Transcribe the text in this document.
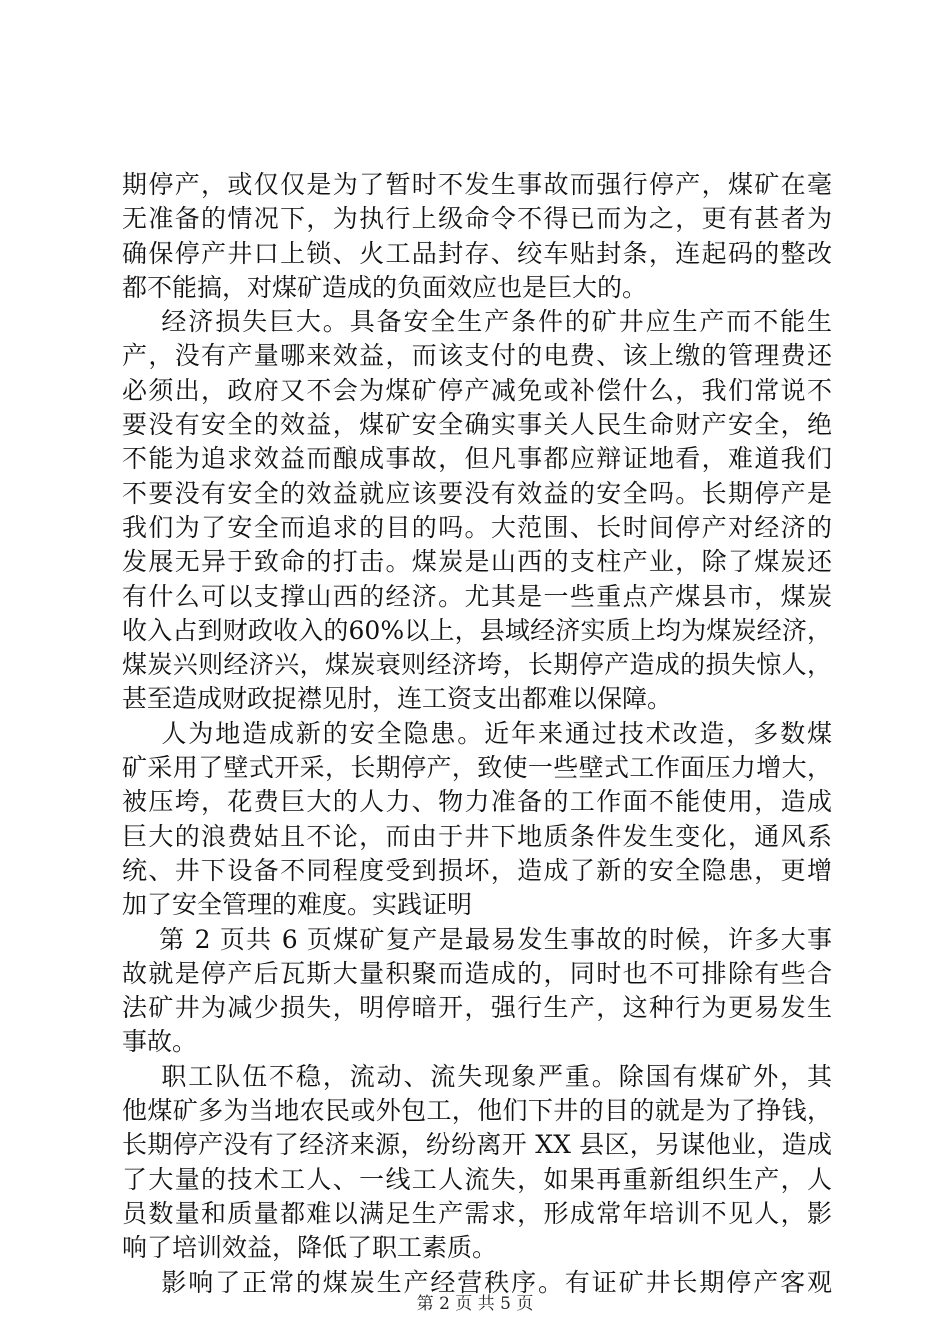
期停产，或仅仅是为了暂时不发生事故而强行停产，煤矿在毫
无准备的情况下，为执行上级命令不得已而为之，更有甚者为
确保停产井口上锁、火工品封存、绞车贴封条，连起码的整改
都不能搞，对煤矿造成的负面效应也是巨大的。
经济损失巨大。具备安全生产条件的矿井应生产而不能生
产，没有产量哪来效益，而该支付的电费、该上缴的管理费还
必须出，政府又不会为煤矿停产减免或补偿什么，我们常说不
要没有安全的效益，煤矿安全确实事关人民生命财产安全，绝
不能为追求效益而酿成事故，但凡事都应辩证地看，难道我们
不要没有安全的效益就应该要没有效益的安全吗。长期停产是
我们为了安全而追求的目的吗。大范围、长时间停产对经济的
发展无异于致命的打击。煤炭是山西的支柱产业，除了煤炭还
有什么可以支撑山西的经济。尤其是一些重点产煤县市，煤炭
收入占到财政收入的60%以上，县域经济实质上均为煤炭经济，
煤炭兴则经济兴，煤炭衰则经济垮，长期停产造成的损失惊人，
甚至造成财政捉襟见肘，连工资支出都难以保障。
人为地造成新的安全隐患。近年来通过技术改造，多数煤
矿采用了壁式开采，长期停产，致使一些壁式工作面压力增大，
被压垮，花费巨大的人力、物力准备的工作面不能使用，造成
巨大的浪费姑且不论，而由于井下地质条件发生变化，通风系
统、井下设备不同程度受到损坏，造成了新的安全隐患，更增
加了安全管理的难度。实践证明
第 2 页共 6 页煤矿复产是最易发生事故的时候，许多大事
故就是停产后瓦斯大量积聚而造成的，同时也不可排除有些合
法矿井为减少损失，明停暗开，强行生产，这种行为更易发生
事故。
职工队伍不稳，流动、流失现象严重。除国有煤矿外，其
他煤矿多为当地农民或外包工，他们下井的目的就是为了挣钱，
长期停产没有了经济来源，纷纷离开 XX 县区，另谋他业，造成
了大量的技术工人、一线工人流失，如果再重新组织生产，人
员数量和质量都难以满足生产需求，形成常年培训不见人，影
响了培训效益，降低了职工素质。
影响了正常的煤炭生产经营秩序。有证矿井长期停产客观
第 2 页 共 5 页
